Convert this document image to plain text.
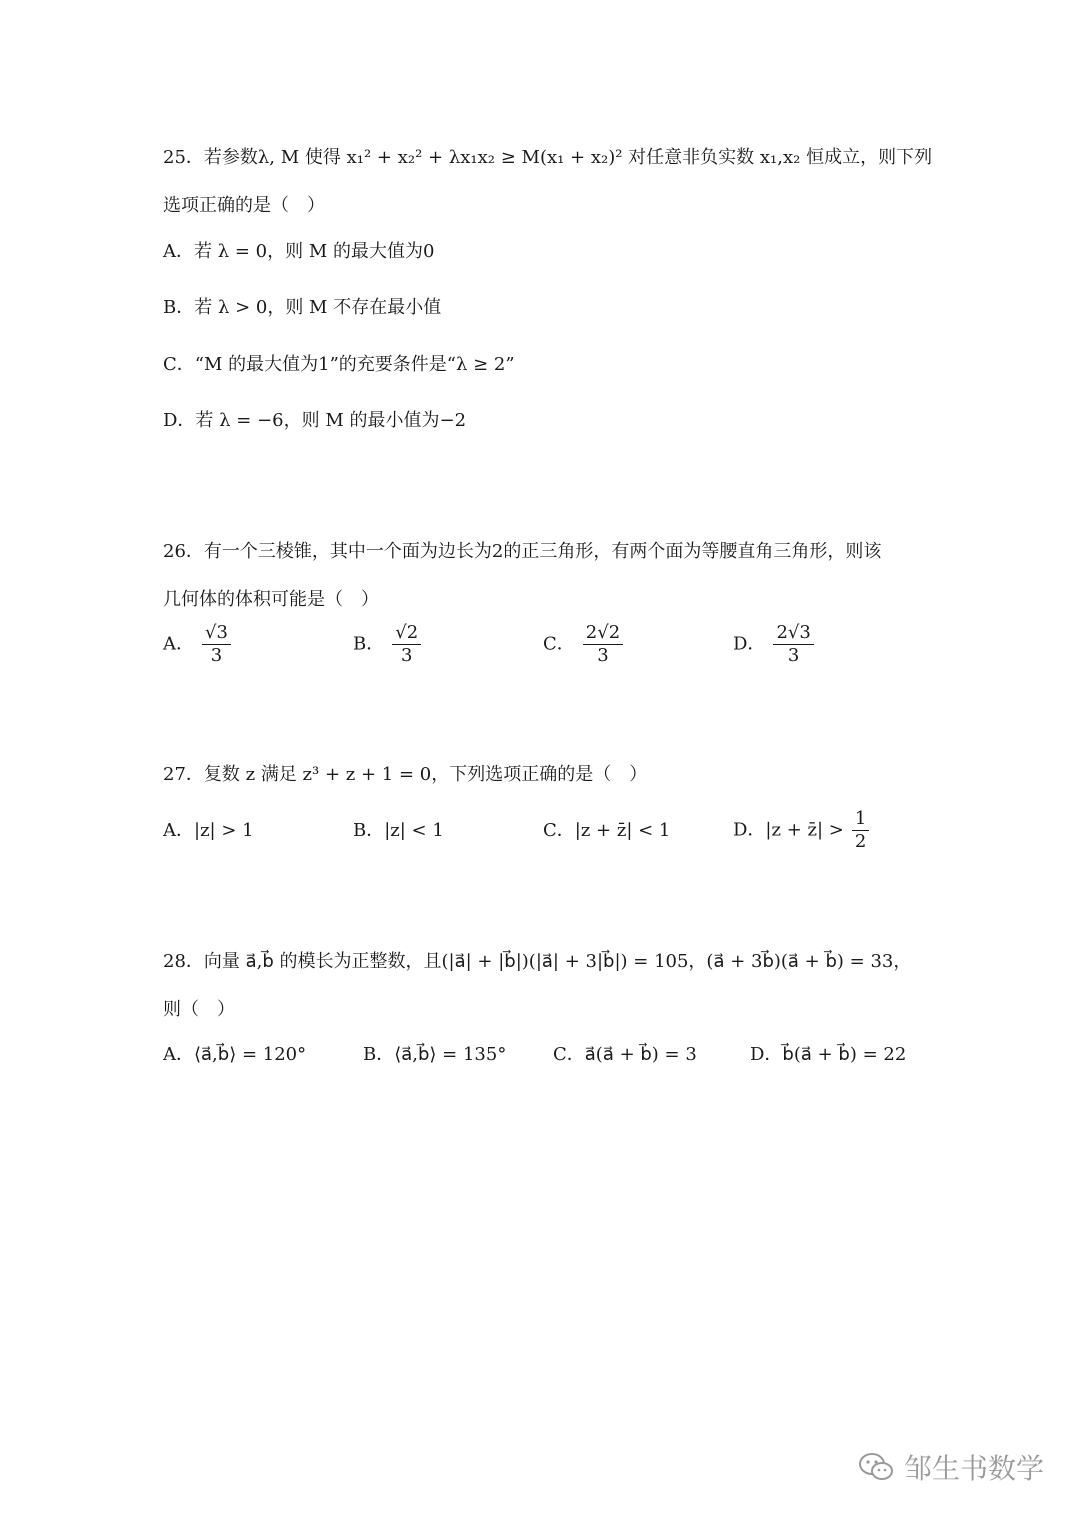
25．若参数λ, M 使得 x₁² + x₂² + λx₁x₂ ≥ M(x₁ + x₂)² 对任意非负实数 x₁,x₂ 恒成立，则下列
选项正确的是（　）
A．若 λ = 0，则 M 的最大值为0
B．若 λ > 0，则 M 不存在最小值
C．“M 的最大值为1”的充要条件是“λ ≥ 2”
D．若 λ = −6，则 M 的最小值为−2
26．有一个三棱锥，其中一个面为边长为2的正三角形，有两个面为等腰直角三角形，则该
几何体的体积可能是（　）
A． $\frac{√3}{3}$	B． $\frac{√2}{3}$	C． $\frac{2√2}{3}$	D． $\frac{2√3}{3}$
27．复数 z 满足 z³ + z + 1 = 0，下列选项正确的是（　）
A．|z| > 1	B．|z| < 1	C．|z + z̄| < 1	D．|z + z̄| > $\frac{1}{2}$
28．向量 a⃗,b⃗ 的模长为正整数，且(|a⃗| + |b⃗|)(|a⃗| + 3|b⃗|) = 105，(a⃗ + 3b⃗)(a⃗ + b⃗) = 33，
则（　）
A．⟨a⃗,b⃗⟩ = 120°	B．⟨a⃗,b⃗⟩ = 135°	C．a⃗(a⃗ + b⃗) = 3	D．b⃗(a⃗ + b⃗) = 22
邹生书数学
